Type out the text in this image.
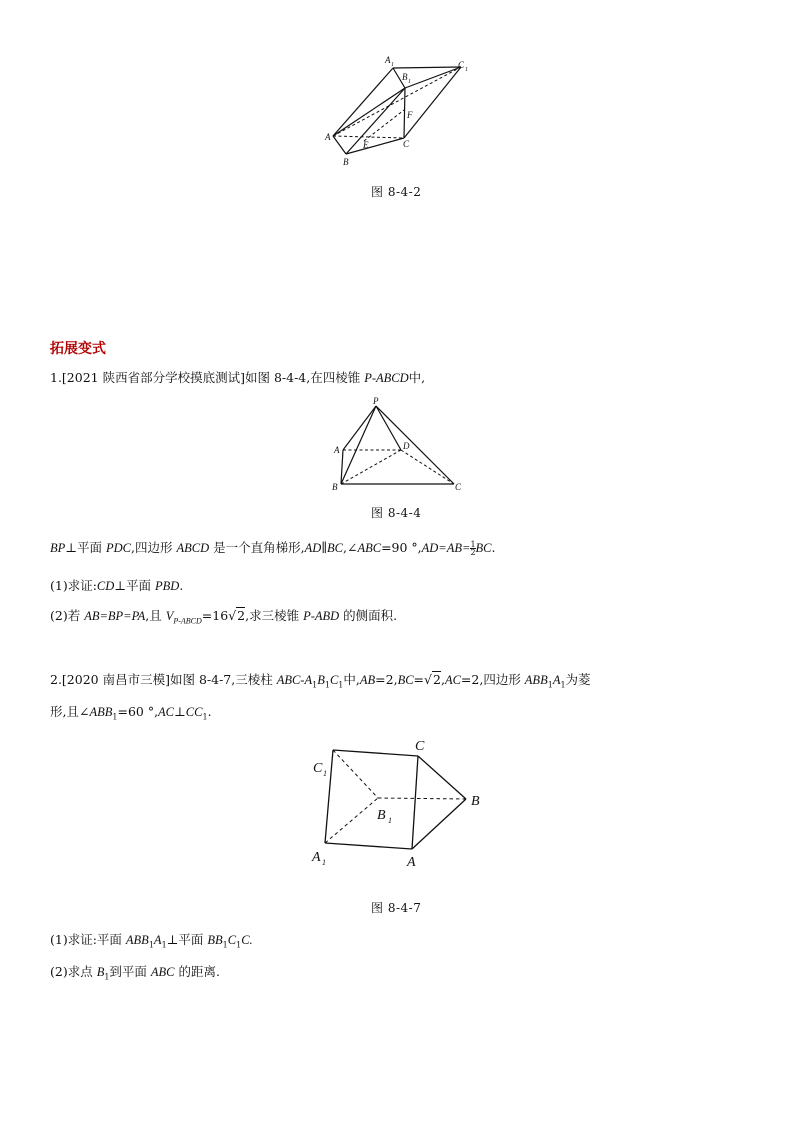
A 1
B 1
C 1
A
B
C
E
F
图 8-4-2
拓展变式
1.[2021 陕西省部分学校摸底测试]如图 8-4-4,在四棱锥 P-ABCD中,
P
A
B	C
D
图 8-4-4
BP⊥平面 PDC,四边形 ABCD 是一个直角梯形,AD∥BC,∠ABC=90 $^\circ,AD=AB= \frac{1}{2}$ BC.
(1)求证:CD⊥平面 PBD.
(2)若 AB=BP=PA,且 $V_{P-ABCD}=16√2$,求三棱锥 P-ABD 的侧面积.
2.[2020 南昌市三模]如图 8-4-7,三棱柱 ABC-$A_1B_1C_1$中,AB=2,BC=√2,AC=2,四边形 $ABB_1A_1$为菱
形,且$\angle ABB_1=60$ $^\circ,AC\perp CC_1$.
C 1
C
B
B 1
A 1	A
图 8-4-7
(1)求证:平面 $ABB_1A_1\perp$平面 $BB_1C_1C$.
(2)求点 $B_1$到平面 ABC 的距离.
